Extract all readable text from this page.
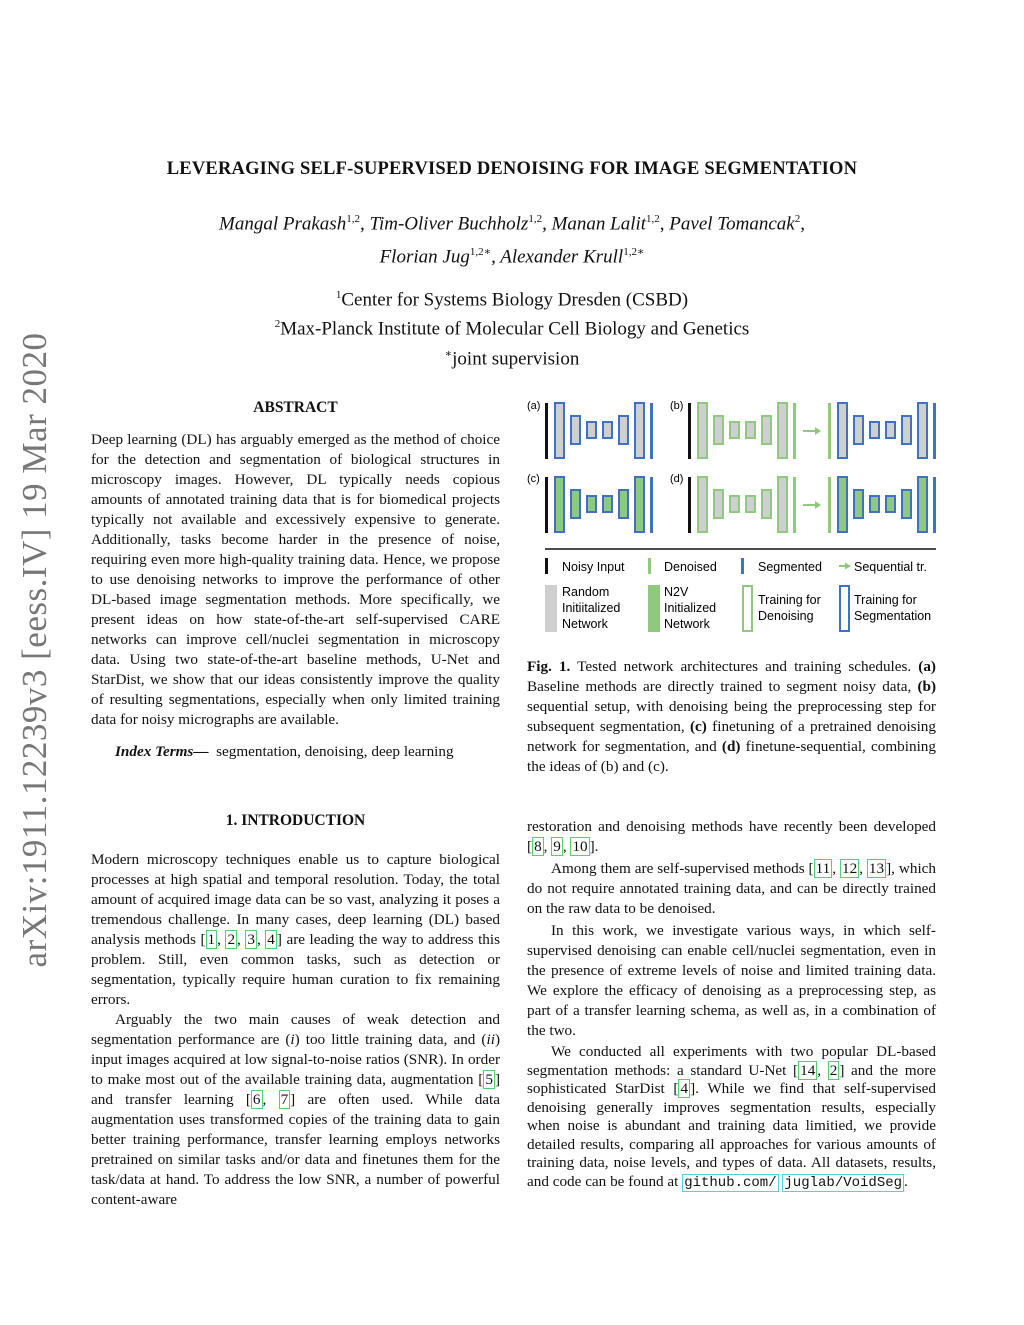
arXiv:1911.12239v3 [eess.IV] 19 Mar 2020
LEVERAGING SELF-SUPERVISED DENOISING FOR IMAGE SEGMENTATION
Mangal Prakash$^{1,2}$, Tim-Oliver Buchholz$^{1,2}$, Manan Lalit$^{1,2}$, Pavel Tomancak$^2$,
Florian Jug$^{1,2∗}$, Alexander Krull$^{1,2∗}$
$^1$Center for Systems Biology Dresden (CSBD)
$^2$Max-Planck Institute of Molecular Cell Biology and Genetics
∗joint supervision
ABSTRACT

Deep learning (DL) has arguably emerged as the method of choice for the detection and segmentation of biological structures in microscopy images. However, DL typically needs copious amounts of annotated training data that is for biomedical projects typically not available and excessively expensive to generate. Additionally, tasks become harder in the presence of noise, requiring even more high-quality training data. Hence, we propose to use denoising networks to improve the performance of other DL-based image segmentation methods. More specifically, we present ideas on how state-of-the-art self-supervised CARE networks can improve cell/nuclei segmentation in microscopy data. Using two state-of-the-art baseline methods, U-Net and StarDist, we show that our ideas consistently improve the quality of resulting segmentations, especially when only limited training data for noisy micrographs are available.

Index Terms— segmentation, denoising, deep learning

1. INTRODUCTION

Modern microscopy techniques enable us to capture biological processes at high spatial and temporal resolution. Today, the total amount of acquired image data can be so vast, analyzing it poses a tremendous challenge. In many cases, deep learning (DL) based analysis methods [ 1 , 2 , 3 , 4 ] are leading the way to address this problem. Still, even common tasks, such as detection or segmentation, typically require human curation to fix remaining errors.

Arguably the two main causes of weak detection and segmentation performance are (i) too little training data, and (ii) input images acquired at low signal-to-noise ratios (SNR). In order to make most out of the available training data, augmentation [ 5 ] and transfer learning [ 6 , 7 ] are often used. While data augmentation uses transformed copies of the training data to gain better training performance, transfer learning employs networks pretrained on similar tasks and/or data and finetunes them for the task/data at hand. To address the low SNR, a number of powerful content-aware

(a)	(b)
(c)	(d)
Noisy Input	Denoised	Segmented	Sequential tr.
Random
Initiitalized
Network
N2V
Initialized
Network
Training for
Denoising
Training for
Segmentation
Fig. 1. Tested network architectures and training schedules. (a) Baseline methods are directly trained to segment noisy data, (b) sequential setup, with denoising being the preprocessing step for subsequent segmentation, (c) finetuning of a pretrained denoising network for segmentation, and (d) finetune-sequential, combining the ideas of (b) and (c).

restoration and denoising methods have recently been developed [ 8 , 9 , 10 ].

Among them are self-supervised methods [ 11 , 12 , 13 ], which do not require annotated training data, and can be directly trained on the raw data to be denoised.

In this work, we investigate various ways, in which self-supervised denoising can enable cell/nuclei segmentation, even in the presence of extreme levels of noise and limited training data. We explore the efficacy of denoising as a preprocessing step, as part of a transfer learning schema, as well as, in a combination of the two.

We conducted all experiments with two popular DL-based segmentation methods: a standard U-Net [ 14 , 2 ] and the more sophisticated StarDist [ 4 ]. While we find that self-supervised denoising generally improves segmentation results, especially when noise is abundant and training data limitied, we provide detailed results, comparing all approaches for various amounts of training data, noise levels, and types of data. All datasets, results, and code can be found at github.com/ juglab/VoidSeg .
